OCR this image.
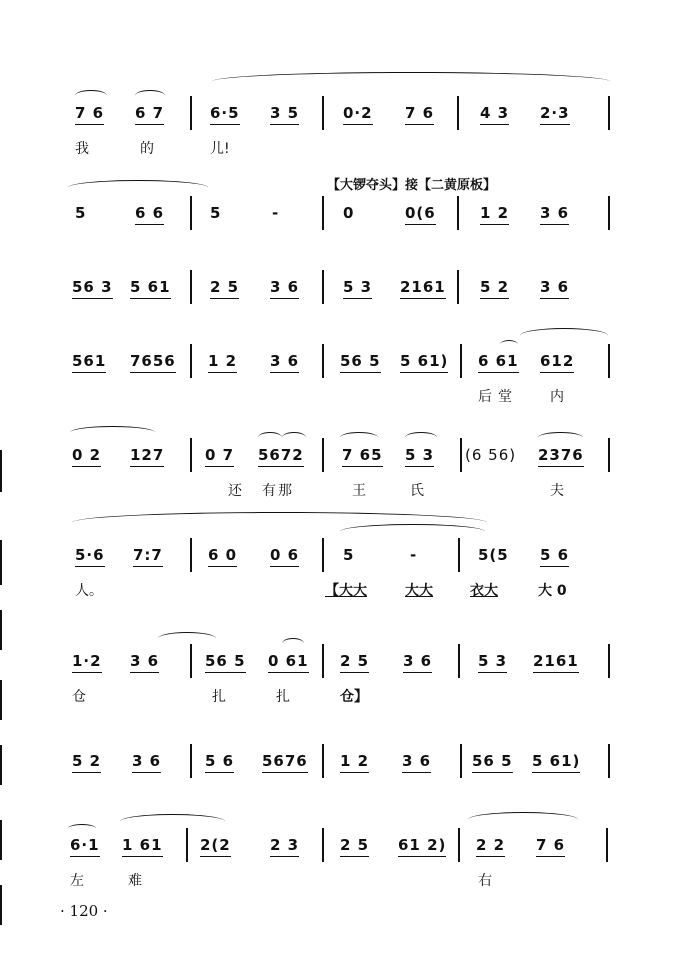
7 6 6 7	6·5 3 5	0·2 7 6	4 3 2·3
我	的	儿!
【大锣夺头】接【二黄原板】
5	6 6	5	-	0	0(6	1 2 3 6
56 3 5 61	2 5 3 6	5 3 2161 5 2 3 6
561 7656 1 2 3 6	56 5 5 61) 6 61 612
后堂 内
0 2 127	0 7 5672	7 65 5 3 (6 56) 2376
还 有那	王	氏	夫
5·6 7:7	6 0 0 6	5	-	5(5 5 6
人。	【大大	大大	衣大	大 0
1·2 3 6	56 5 0 61 2 5 3 6	5 3 2161
仓	扎	扎	仓】
5 2 3 6	5 6 5676 1 2 3 6	56 5 5 61)
6·1 1 61 2(2	2 3	2 5 61 2) 2 2 7 6
左	难	右
· 120 ·
